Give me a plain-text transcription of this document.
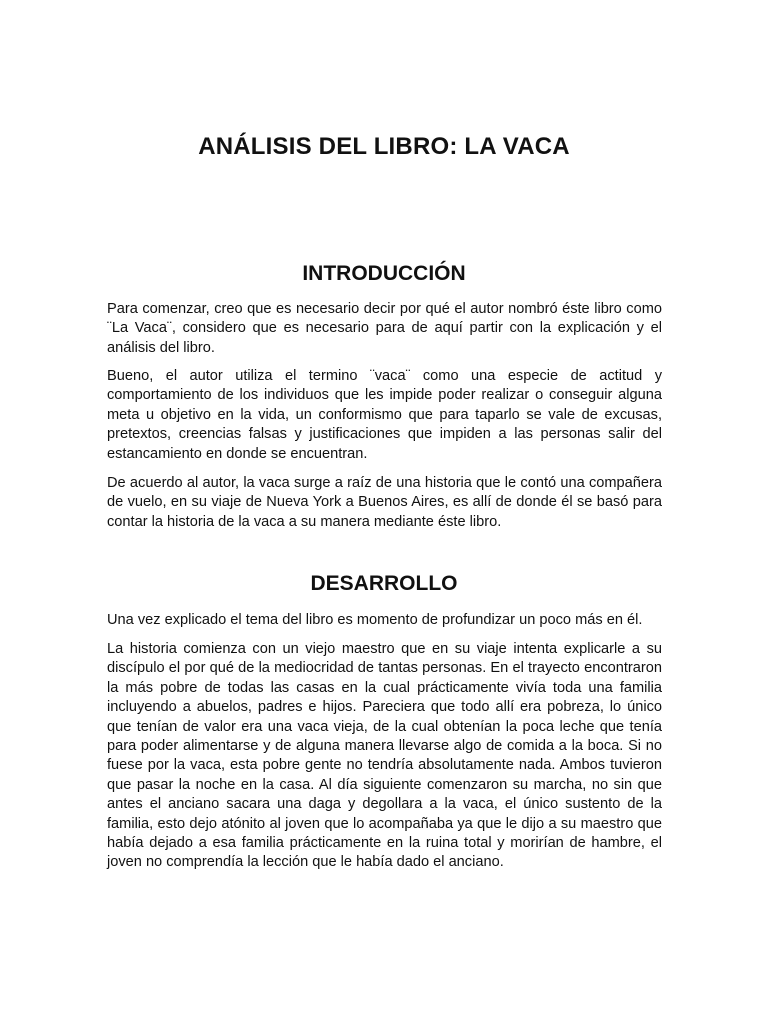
ANÁLISIS DEL LIBRO: LA VACA
INTRODUCCIÓN

Para comenzar, creo que es necesario decir por qué el autor nombró éste libro como ¨La Vaca¨, considero que es necesario para de aquí partir con la explicación y el análisis del libro.

Bueno, el autor utiliza el termino ¨vaca¨ como una especie de actitud y comportamiento de los individuos que les impide poder realizar o conseguir alguna meta u objetivo en la vida, un conformismo que para taparlo se vale de excusas, pretextos, creencias falsas y justificaciones que impiden a las personas salir del estancamiento en donde se encuentran.

De acuerdo al autor, la vaca surge a raíz de una historia que le contó una compañera de vuelo, en su viaje de Nueva York a Buenos Aires, es allí de donde él se basó para contar la historia de la vaca a su manera mediante éste libro.

DESARROLLO

Una vez explicado el tema del libro es momento de profundizar un poco más en él.

La historia comienza con un viejo maestro que en su viaje intenta explicarle a su discípulo el por qué de la mediocridad de tantas personas. En el trayecto encontraron la más pobre de todas las casas en la cual prácticamente vivía toda una familia incluyendo a abuelos, padres e hijos. Pareciera que todo allí era pobreza, lo único que tenían de valor era una vaca vieja, de la cual obtenían la poca leche que tenía para poder alimentarse y de alguna manera llevarse algo de comida a la boca. Si no fuese por la vaca, esta pobre gente no tendría absolutamente nada. Ambos tuvieron que pasar la noche en la casa. Al día siguiente comenzaron su marcha, no sin que antes el anciano sacara una daga y degollara a la vaca, el único sustento de la familia, esto dejo atónito al joven que lo acompañaba ya que le dijo a su maestro que había dejado a esa familia prácticamente en la ruina total y morirían de hambre, el joven no comprendía la lección que le había dado el anciano.
